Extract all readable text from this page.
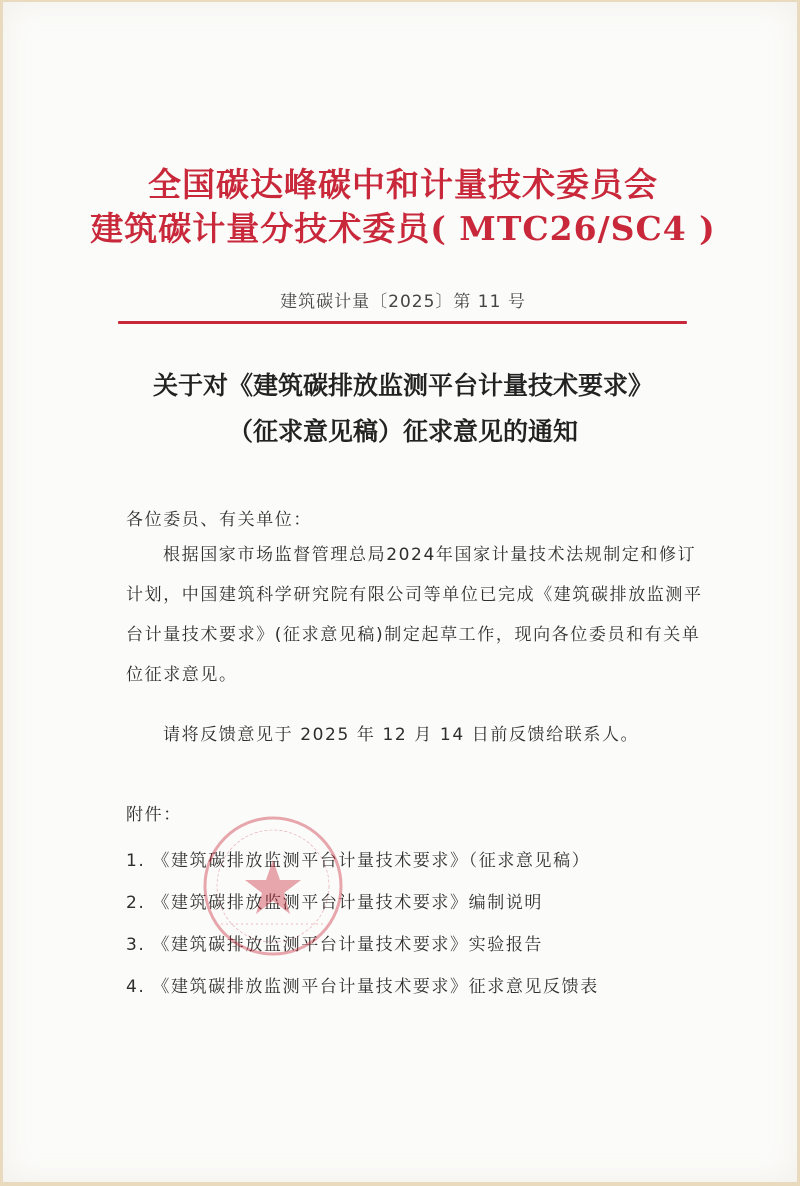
全国碳达峰碳中和计量技术委员会
建筑碳计量分技术委员( MTC26/SC4 )
建筑碳计量〔2025〕第 11 号
关于对《建筑碳排放监测平台计量技术要求》
（征求意见稿）征求意见的通知
各位委员、有关单位：
根据国家市场监督管理总局2024年国家计量技术法规制定和修订计划，中国建筑科学研究院有限公司等单位已完成《建筑碳排放监测平台计量技术要求》(征求意见稿)制定起草工作，现向各位委员和有关单位征求意见。
请将反馈意见于 2025 年 12 月 14 日前反馈给联系人。
附件：
1. 《建筑碳排放监测平台计量技术要求》（征求意见稿）
2. 《建筑碳排放监测平台计量技术要求》编制说明
3. 《建筑碳排放监测平台计量技术要求》实验报告
4. 《建筑碳排放监测平台计量技术要求》征求意见反馈表
